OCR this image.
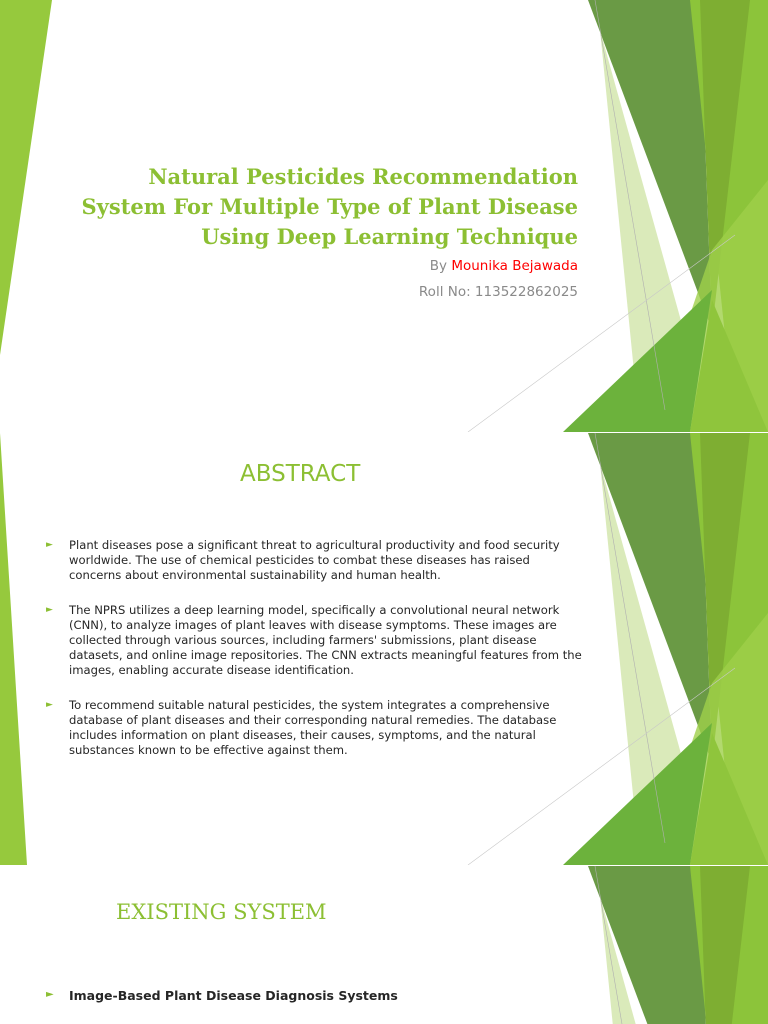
Natural Pesticides Recommendation
System For Multiple Type of Plant Disease
Using Deep Learning Technique
By Mounika Bejawada
Roll No: 113522862025
ABSTRACT
► Plant diseases pose a significant threat to agricultural productivity and food security worldwide. The use of chemical pesticides to combat these diseases has raised concerns about environmental sustainability and human health.
► The NPRS utilizes a deep learning model, specifically a convolutional neural network (CNN), to analyze images of plant leaves with disease symptoms. These images are collected through various sources, including farmers' submissions, plant disease datasets, and online image repositories. The CNN extracts meaningful features from the images, enabling accurate disease identification.
► To recommend suitable natural pesticides, the system integrates a comprehensive database of plant diseases and their corresponding natural remedies. The database includes information on plant diseases, their causes, symptoms, and the natural substances known to be effective against them.
EXISTING SYSTEM
► Image-Based Plant Disease Diagnosis Systems
